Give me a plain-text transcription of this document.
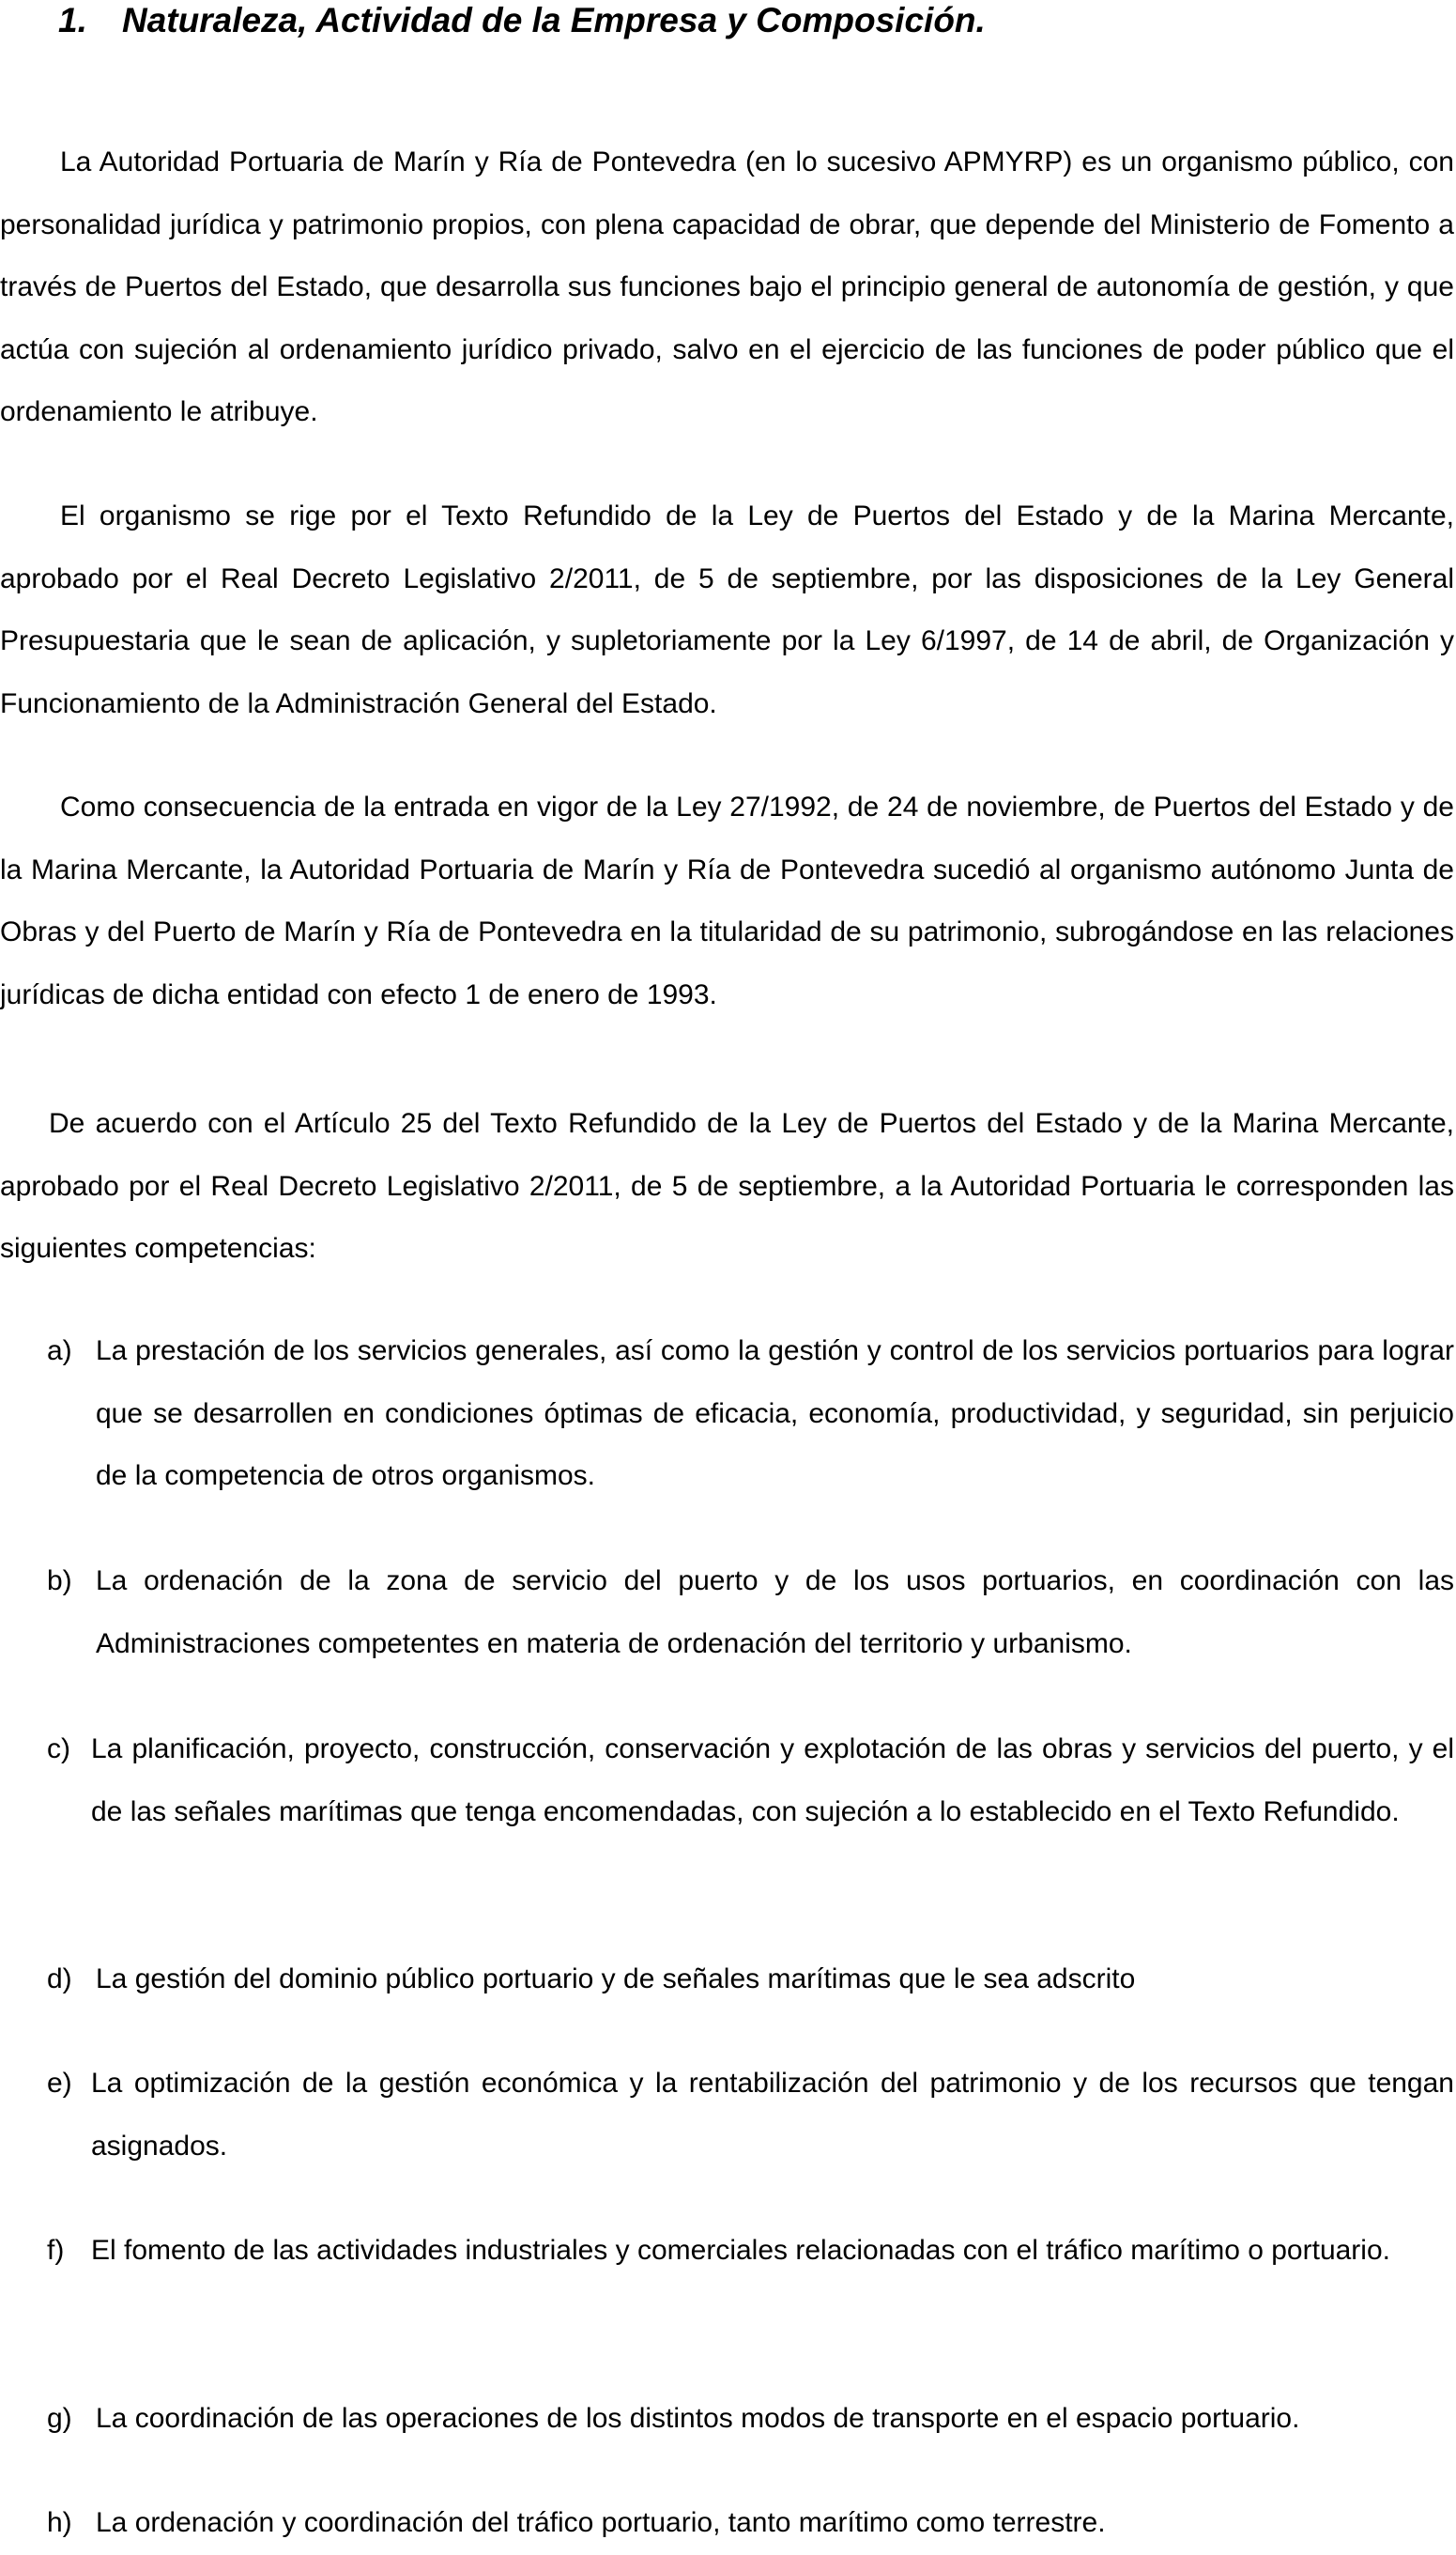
1. Naturaleza, Actividad de la Empresa y Composición.

La Autoridad Portuaria de Marín y Ría de Pontevedra (en lo sucesivo APMYRP) es un organismo público, con personalidad jurídica y patrimonio propios, con plena capacidad de obrar, que depende del Ministerio de Fomento a través de Puertos del Estado, que desarrolla sus funciones bajo el principio general de autonomía de gestión, y que actúa con sujeción al ordenamiento jurídico privado, salvo en el ejercicio de las funciones de poder público que el ordenamiento le atribuye.

El organismo se rige por el Texto Refundido de la Ley de Puertos del Estado y de la Marina Mercante, aprobado por el Real Decreto Legislativo 2/2011, de 5 de septiembre, por las disposiciones de la Ley General Presupuestaria que le sean de aplicación, y supletoriamente por la Ley 6/1997, de 14 de abril, de Organización y Funcionamiento de la Administración General del Estado.

Como consecuencia de la entrada en vigor de la Ley 27/1992, de 24 de noviembre, de Puertos del Estado y de la Marina Mercante, la Autoridad Portuaria de Marín y Ría de Pontevedra sucedió al organismo autónomo Junta de Obras y del Puerto de Marín y Ría de Pontevedra en la titularidad de su patrimonio, subrogándose en las relaciones jurídicas de dicha entidad con efecto 1 de enero de 1993.

De acuerdo con el Artículo 25 del Texto Refundido de la Ley de Puertos del Estado y de la Marina Mercante, aprobado por el Real Decreto Legislativo 2/2011, de 5 de septiembre, a la Autoridad Portuaria le corresponden las siguientes competencias:

a) La prestación de los servicios generales, así como la gestión y control de los servicios portuarios para lograr que se desarrollen en condiciones óptimas de eficacia, economía, productividad, y seguridad, sin perjuicio de la competencia de otros organismos.
b) La ordenación de la zona de servicio del puerto y de los usos portuarios, en coordinación con las Administraciones competentes en materia de ordenación del territorio y urbanismo.
c) La planificación, proyecto, construcción, conservación y explotación de las obras y servicios del puerto, y el de las señales marítimas que tenga encomendadas, con sujeción a lo establecido en el Texto Refundido.
d) La gestión del dominio público portuario y de señales marítimas que le sea adscrito
e) La optimización de la gestión económica y la rentabilización del patrimonio y de los recursos que tengan asignados.
f) El fomento de las actividades industriales y comerciales relacionadas con el tráfico marítimo o portuario.
g) La coordinación de las operaciones de los distintos modos de transporte en el espacio portuario.
h) La ordenación y coordinación del tráfico portuario, tanto marítimo como terrestre.
